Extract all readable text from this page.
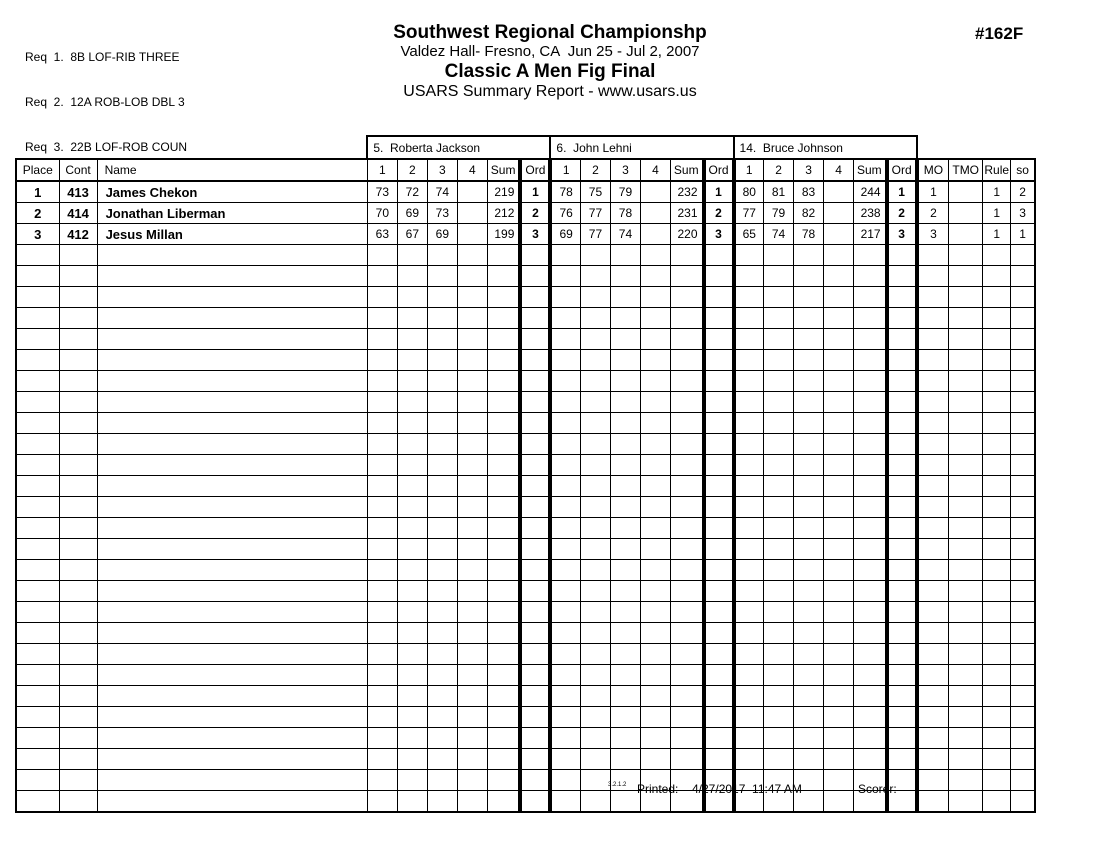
Req  1.  8B LOF-RIB THREE

Req  2.  12A ROB-LOB DBL 3

Req  3.  22B LOF-ROB COUN

Southwest Regional Championshp
Valdez Hall- Fresno, CA  Jun 25 - Jul 2, 2007
Classic A Men Fig Final
USARS Summary Report - www.usars.us
#162F
			5.  Roberta Jackson						6.  John Lehni						14.  Bruce Johnson									
Place	Cont	Name	1	2	3	4	Sum	Ord	1	2	3	4	Sum	Ord	1	2	3	4	Sum	Ord	MO	TMO	Rule	so
1	413	James Chekon	73	72	74		219	1	78	75	79		232	1	80	81	83		244	1	1		1	2
2	414	Jonathan Liberman	70	69	73		212	2	76	77	78		231	2	77	79	82		238	2	2		1	3
3	412	Jesus Millan	63	67	69		199	3	69	77	74		220	3	65	74	78		217	3	3		1	1

3.2.1.2 Printed: 4/27/2017  11:47 AM	Scorer:
